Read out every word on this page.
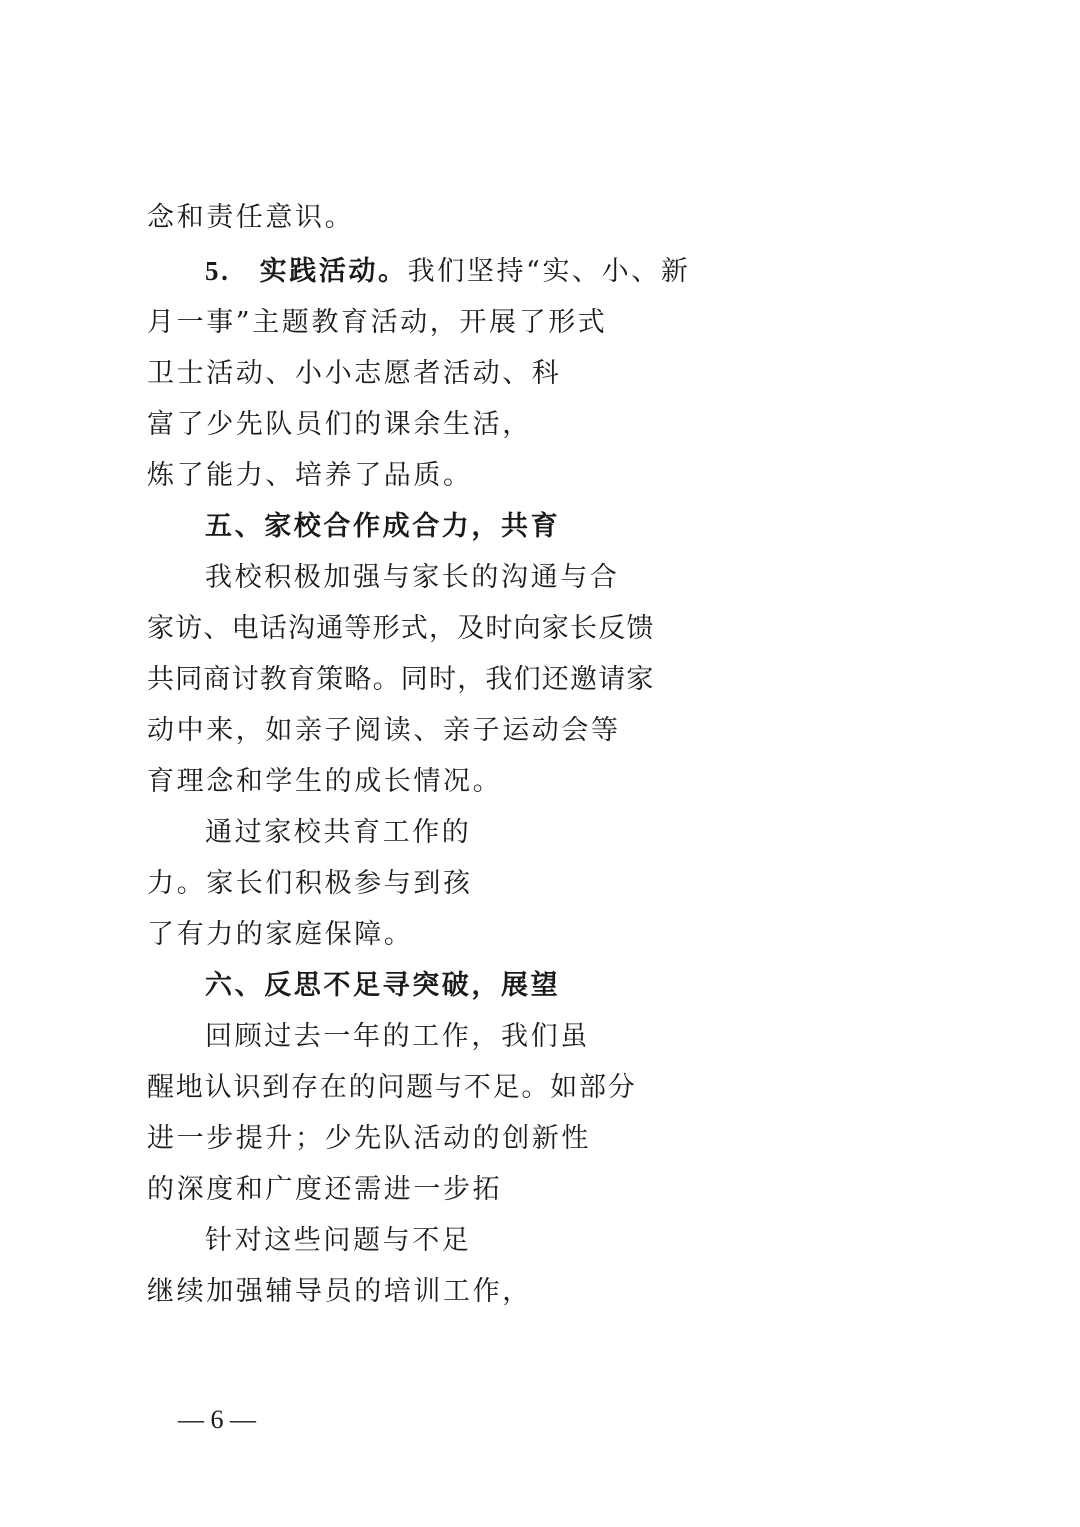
念和责任意识。
5. 实践活动。我们坚持“实、小、新
月一事”主题教育活动，开展了形式
卫士活动、小小志愿者活动、科
富了少先队员们的课余生活，
炼了能力、培养了品质。
五、家校合作成合力，共育
我校积极加强与家长的沟通与合
家访、电话沟通等形式，及时向家长反馈
共同商讨教育策略。同时，我们还邀请家
动中来，如亲子阅读、亲子运动会等
育理念和学生的成长情况。
通过家校共育工作的
力。家长们积极参与到孩
了有力的家庭保障。
六、反思不足寻突破，展望
回顾过去一年的工作，我们虽
醒地认识到存在的问题与不足。如部分
进一步提升；少先队活动的创新性
的深度和广度还需进一步拓
针对这些问题与不足
继续加强辅导员的培训工作，
— 6 —
